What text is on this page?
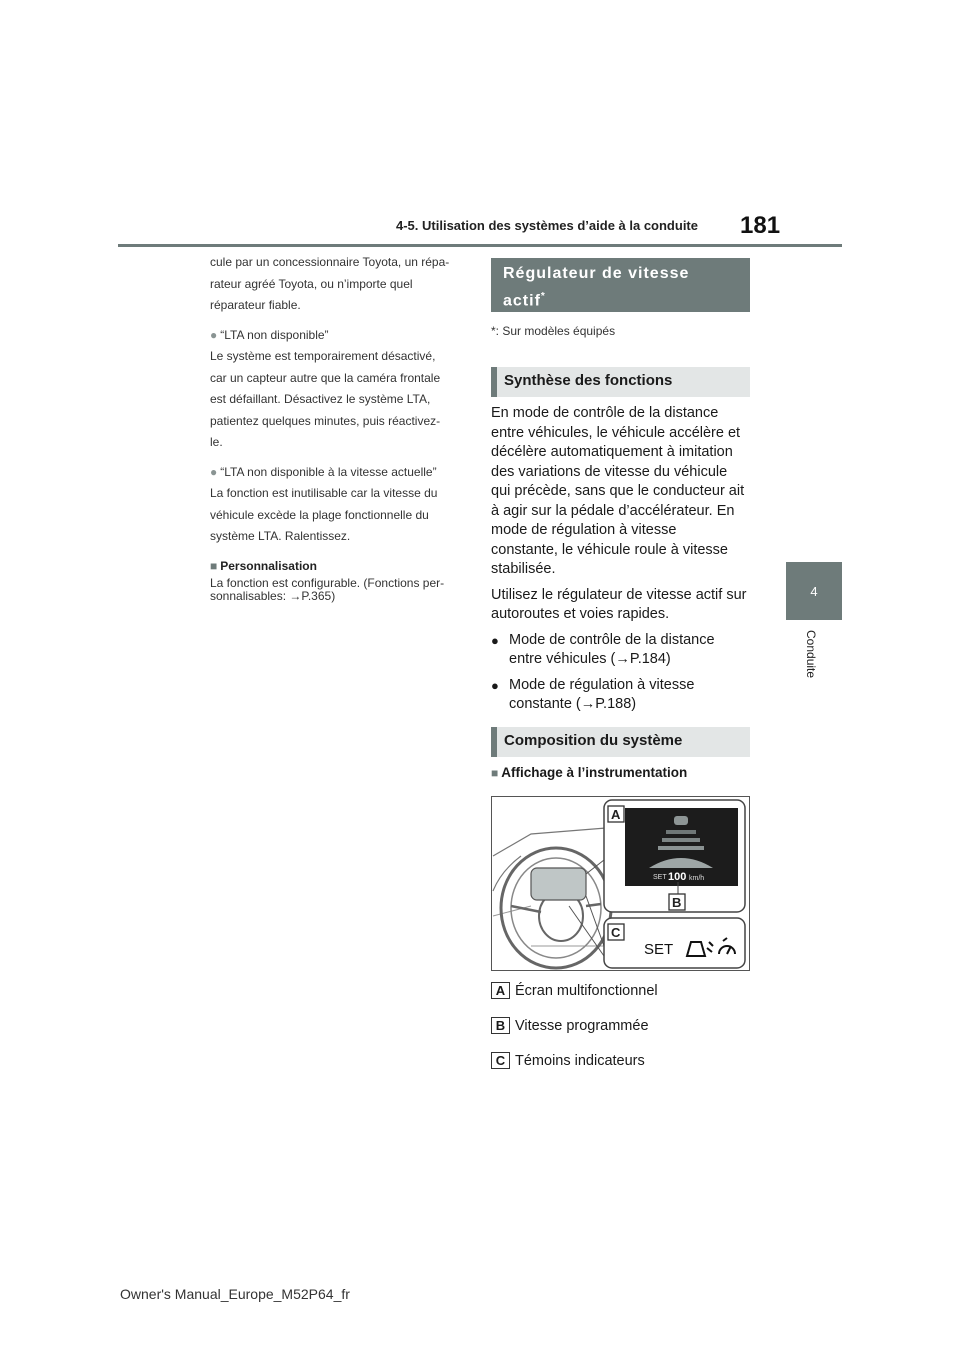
4-5. Utilisation des systèmes d’aide à la conduite 181
4
Conduite

cule par un concessionnaire Toyota, un répa-

rateur agréé Toyota, ou n’importe quel

réparateur fiable.

● “LTA non disponible”

Le système est temporairement désactivé,

car un capteur autre que la caméra frontale

est défaillant. Désactivez le système LTA,

patientez quelques minutes, puis réactivez-

le.

● “LTA non disponible à la vitesse actuelle”

La fonction est inutilisable car la vitesse du

véhicule excède la plage fonctionnelle du

système LTA. Ralentissez.

■ Personnalisation

La fonction est configurable. (Fonctions per-

sonnalisables: →P.365)

Régulateur de vitesse
actif*
*: Sur modèles équipés
Synthèse des fonctions

En mode de contrôle de la distance

entre véhicules, le véhicule accélère et

décélère automatiquement à imitation

des variations de vitesse du véhicule

qui précède, sans que le conducteur ait

à agir sur la pédale d’accélérateur. En

mode de régulation à vitesse

constante, le véhicule roule à vitesse

stabilisée.

Utilisez le régulateur de vitesse actif sur

autoroutes et voies rapides.

● Mode de contrôle de la distance
entre véhicules (→P.184)
● Mode de régulation à vitesse
constante (→P.188)
Composition du système
■ Affichage à l’instrumentation
SET 100 km/h
A
B
C
SET
A Écran multifonctionnel
B Vitesse programmée
C Témoins indicateurs
Owner's Manual_Europe_M52P64_fr
